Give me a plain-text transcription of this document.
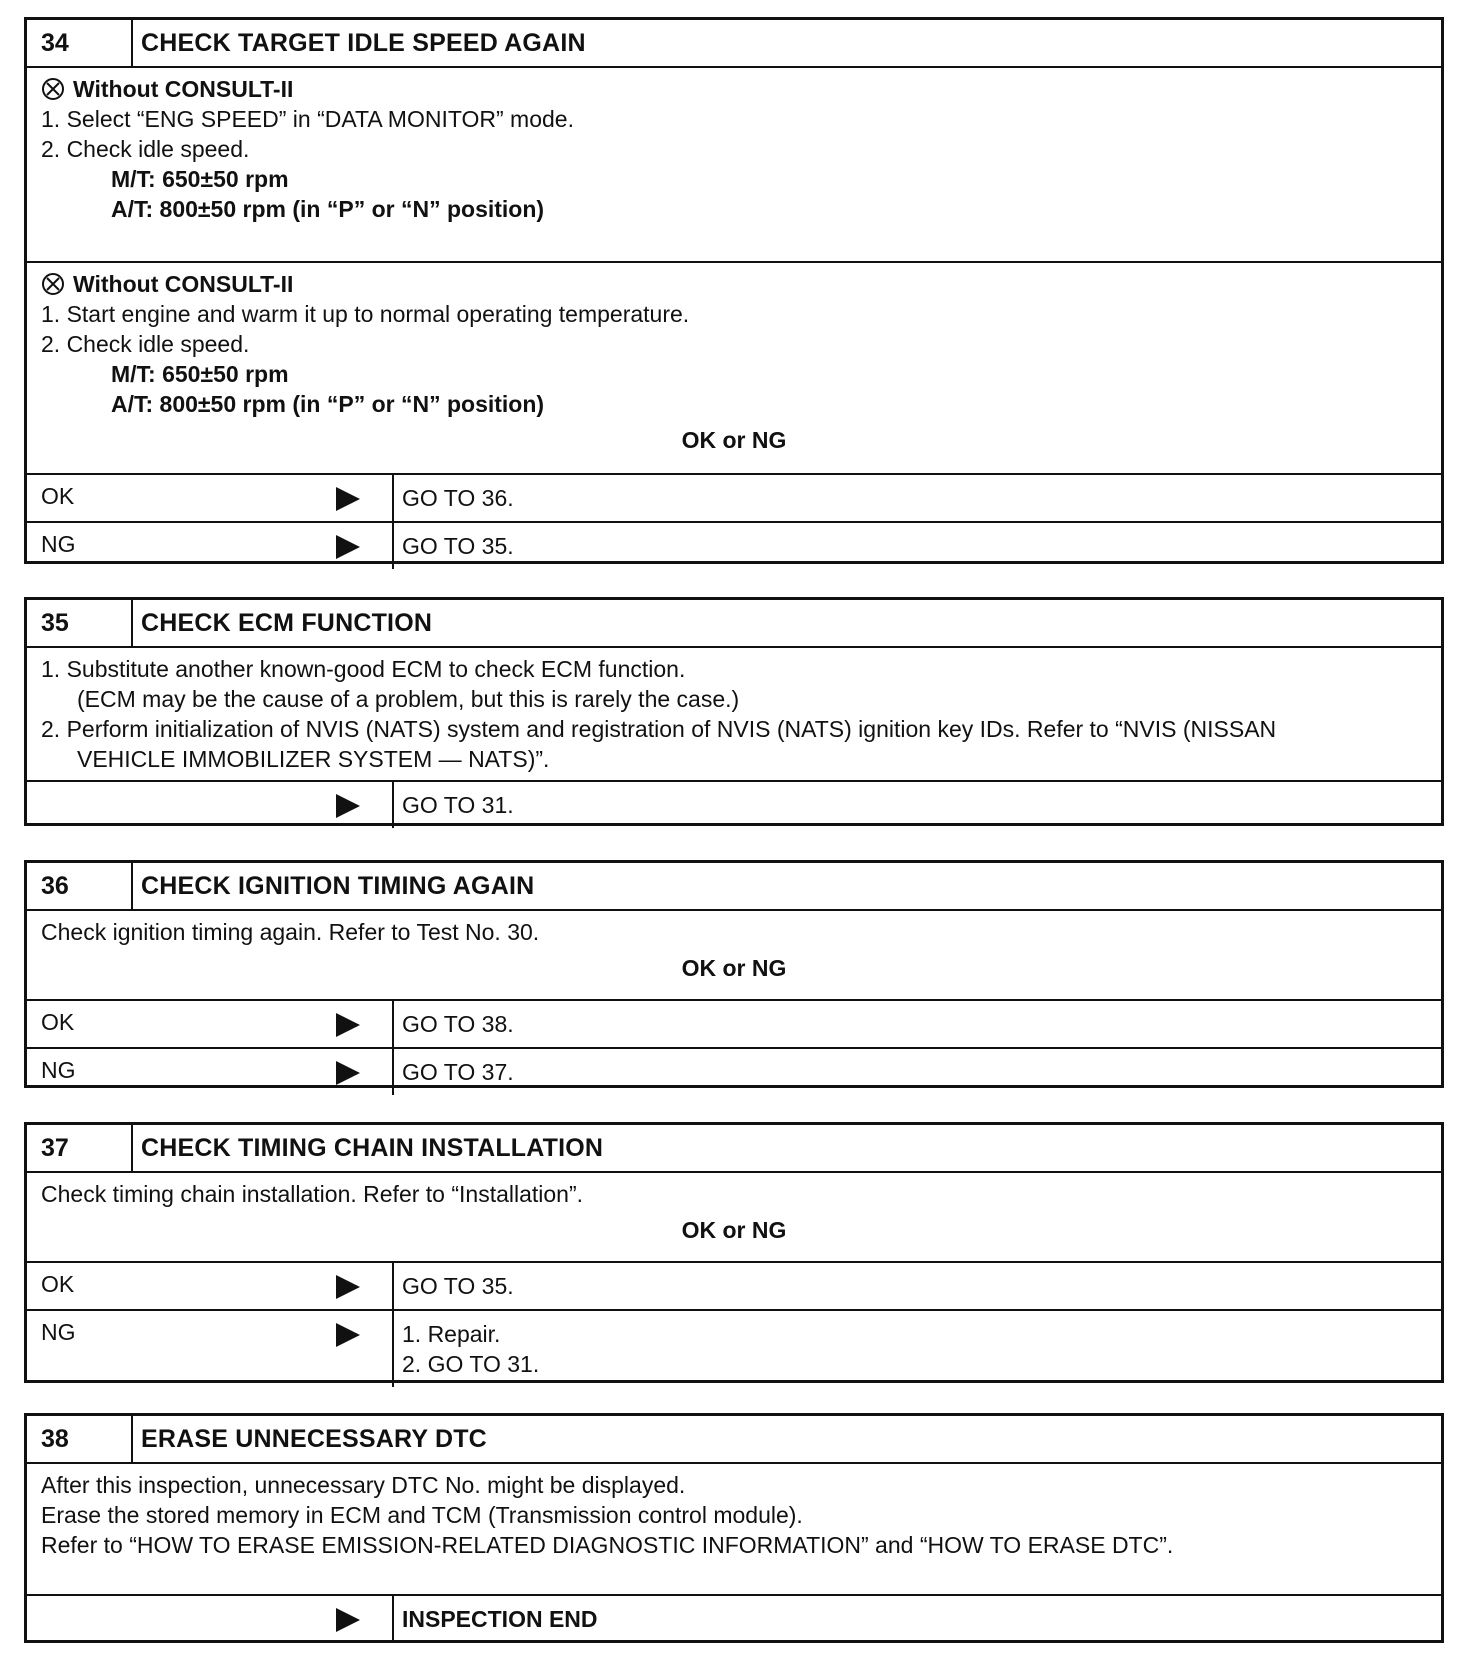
34	CHECK TARGET IDLE SPEED AGAIN
Without CONSULT-II
1. Select “ENG SPEED” in “DATA MONITOR” mode.
2. Check idle speed.
M/T: 650±50 rpm
A/T: 800±50 rpm (in “P” or “N” position)
Without CONSULT-II
1. Start engine and warm it up to normal operating temperature.
2. Check idle speed.
M/T: 650±50 rpm
A/T: 800±50 rpm (in “P” or “N” position)
OK or NG
OK	GO TO 36.
NG	GO TO 35.
35	CHECK ECM FUNCTION
1. Substitute another known-good ECM to check ECM function.
(ECM may be the cause of a problem, but this is rarely the case.)
2. Perform initialization of NVIS (NATS) system and registration of NVIS (NATS) ignition key IDs. Refer to “NVIS (NISSAN
VEHICLE IMMOBILIZER SYSTEM — NATS)”.
GO TO 31.
36	CHECK IGNITION TIMING AGAIN
Check ignition timing again. Refer to Test No. 30.
OK or NG
OK	GO TO 38.
NG	GO TO 37.
37	CHECK TIMING CHAIN INSTALLATION
Check timing chain installation. Refer to “Installation”.
OK or NG
OK	GO TO 35.
NG	1. Repair.
2. GO TO 31.
38	ERASE UNNECESSARY DTC
After this inspection, unnecessary DTC No. might be displayed.
Erase the stored memory in ECM and TCM (Transmission control module).
Refer to “HOW TO ERASE EMISSION-RELATED DIAGNOSTIC INFORMATION” and “HOW TO ERASE DTC”.
INSPECTION END
